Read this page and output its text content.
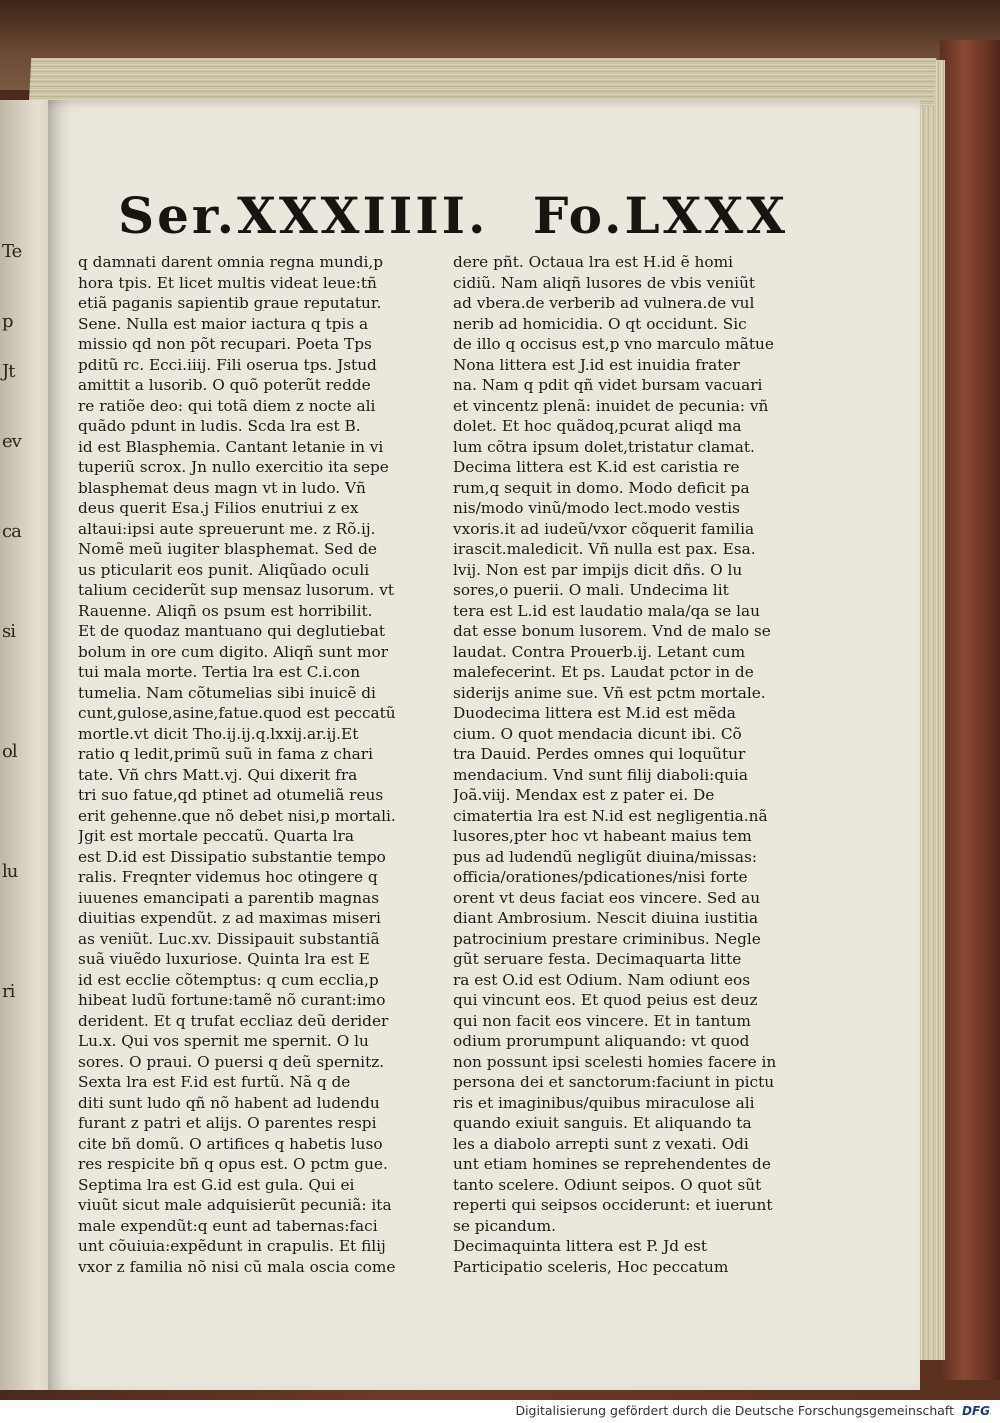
Te
p
Jt
ev
ca
si
ol
lu
ri
Ser.XXXIIII. Fo.LXXX
q damnati darent omnia regna mundi,p
hora tpis. Et licet multis videat leue:tñ
etiã paganis sapientib graue reputatur.
Sene. Nulla est maior iactura q tpis a
missio qd non põt recupari. Poeta Tps
pditũ rc. Ecci.iiij. Fili oserua tps. Jstud
amittit a lusorib. O quõ poterũt redde
re ratiõe deo: qui totã diem z nocte ali
quãdo pdunt in ludis. Scda lra est B.
id est Blasphemia. Cantant letanie in vi
tuperiũ scrox. Jn nullo exercitio ita sepe
blasphemat deus magn vt in ludo. Vñ
deus querit Esa.j Filios enutriui z ex
altaui:ipsi aute spreuerunt me. z Rõ.ij.
Nomẽ meũ iugiter blasphemat. Sed de
us pticularit eos punit. Aliqũado oculi
talium ceciderũt sup mensaz lusorum. vt
Rauenne. Aliqñ os psum est horribilit.
Et de quodaz mantuano qui deglutiebat
bolum in ore cum digito. Aliqñ sunt mor
tui mala morte. Tertia lra est C.i.con
tumelia. Nam cõtumelias sibi inuicẽ di
cunt,gulose,asine,fatue.quod est peccatũ
mortle.vt dicit Tho.ij.ij.q.lxxij.ar.ij.Et
ratio q ledit,primũ suũ in fama z chari
tate. Vñ chrs Matt.vj. Qui dixerit fra
tri suo fatue,qd ptinet ad otumeliã reus
erit gehenne.que nõ debet nisi,p mortali.
Jgit est mortale peccatũ. Quarta lra
est D.id est Dissipatio substantie tempo
ralis. Freqnter videmus hoc otingere q
iuuenes emancipati a parentib magnas
diuitias expendũt. z ad maximas miseri
as veniũt. Luc.xv. Dissipauit substantiã
suã viuẽdo luxuriose. Quinta lra est E
id est ecclie cõtemptus: q cum ecclia,p
hibeat ludũ fortune:tamẽ nõ curant:imo
derident. Et q trufat eccliaz deũ derider
Lu.x. Qui vos spernit me spernit. O lu
sores. O praui. O puersi q deũ spernitz.
Sexta lra est F.id est furtũ. Nã q de
diti sunt ludo qñ nõ habent ad ludendu
furant z patri et alijs. O parentes respi
cite bñ domũ. O artifices q habetis luso
res respicite bñ q opus est. O pctm gue.
Septima lra est G.id est gula. Qui ei
viuũt sicut male adquisierũt pecuniã: ita
male expendũt:q eunt ad tabernas:faci
unt cõuiuia:expẽdunt in crapulis. Et filij
vxor z familia nõ nisi cũ mala oscia come
dere pñt. Octaua lra est H.id ẽ homi
cidiũ. Nam aliqñ lusores de vbis veniũt
ad vbera.de verberib ad vulnera.de vul
nerib ad homicidia. O qt occidunt. Sic
de illo q occisus est,p vno marculo mãtue
Nona littera est J.id est inuidia frater
na. Nam q pdit qñ videt bursam vacuari
et vincentz plenã: inuidet de pecunia: vñ
dolet. Et hoc quãdoq,pcurat aliqd ma
lum cõtra ipsum dolet,tristatur clamat.
Decima littera est K.id est caristia re
rum,q sequit in domo. Modo deficit pa
nis/modo vinũ/modo lect.modo vestis
vxoris.it ad iudeũ/vxor cõquerit familia
irascit.maledicit. Vñ nulla est pax. Esa.
lvij. Non est par impijs dicit dñs. O lu
sores,o puerii. O mali. Undecima lit
tera est L.id est laudatio mala/qa se lau
dat esse bonum lusorem. Vnd de malo se
laudat. Contra Prouerb.ij. Letant cum
malefecerint. Et ps. Laudat pctor in de
siderijs anime sue. Vñ est pctm mortale.
Duodecima littera est M.id est mẽda
cium. O quot mendacia dicunt ibi. Cõ
tra Dauid. Perdes omnes qui loquũtur
mendacium. Vnd sunt filij diaboli:quia
Joã.viij. Mendax est z pater ei. De
cimatertia lra est N.id est negligentia.nã
lusores,pter hoc vt habeant maius tem
pus ad ludendũ negligũt diuina/missas:
officia/orationes/pdicationes/nisi forte
orent vt deus faciat eos vincere. Sed au
diant Ambrosium. Nescit diuina iustitia
patrocinium prestare criminibus. Negle
gũt seruare festa. Decimaquarta litte
ra est O.id est Odium. Nam odiunt eos
qui vincunt eos. Et quod peius est deuz
qui non facit eos vincere. Et in tantum
odium prorumpunt aliquando: vt quod
non possunt ipsi scelesti homies facere in
persona dei et sanctorum:faciunt in pictu
ris et imaginibus/quibus miraculose ali
quando exiuit sanguis. Et aliquando ta
les a diabolo arrepti sunt z vexati. Odi
unt etiam homines se reprehendentes de
tanto scelere. Odiunt seipos. O quot sũt
reperti qui seipsos occiderunt: et iuerunt
se picandum.
Decimaquinta littera est P. Jd est
Participatio sceleris, Hoc peccatum
Digitalisierung gefördert durch die Deutsche Forschungsgemeinschaft DFG
